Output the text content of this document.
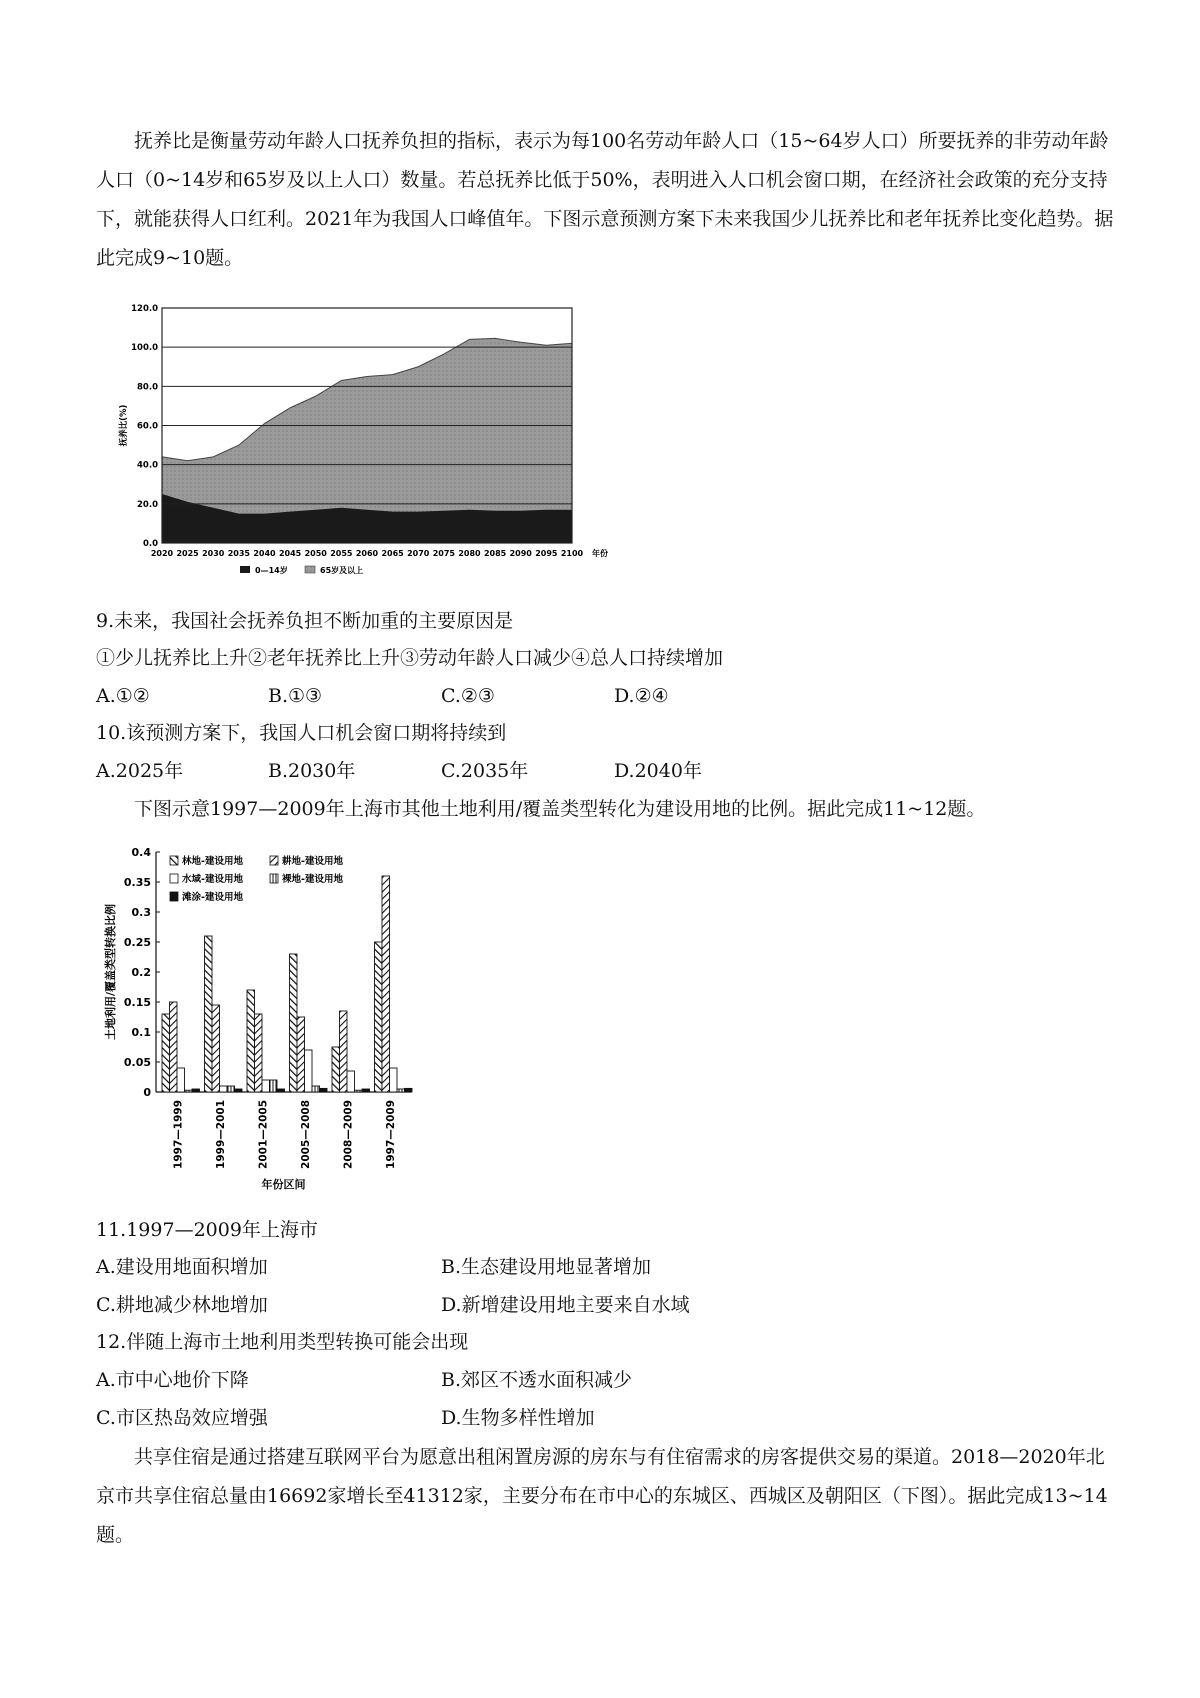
抚养比是衡量劳动年龄人口抚养负担的指标，表示为每100名劳动年龄人口（15~64岁人口）所要抚养的非劳动年龄人口（0~14岁和65岁及以上人口）数量。若总抚养比低于50%，表明进入人口机会窗口期，在经济社会政策的充分支持下，就能获得人口红利。2021年为我国人口峰值年。下图示意预测方案下未来我国少儿抚养比和老年抚养比变化趋势。据此完成9~10题。

0.0
20.0
40.0
60.0
80.0
100.0
120.0
2020 2025 2030 2035 2040 2045 2050 2055 2060 2065 2070 2075 2080 2085 2090 2095 2100 年份
抚养比(%)
0—14岁	65岁及以上
9.未来，我国社会抚养负担不断加重的主要原因是
①少儿抚养比上升②老年抚养比上升③劳动年龄人口减少④总人口持续增加
A.①②	B.①③	C.②③	D.②④
10.该预测方案下，我国人口机会窗口期将持续到
A.2025年	B.2030年	C.2035年	D.2040年
下图示意1997—2009年上海市其他土地利用/覆盖类型转化为建设用地的比例。据此完成11~12题。
0
0.05
0.1
0.15
0.2
0.25
0.3
0.35
0.4
土地利用/覆盖类型转换比例
1997—1999	1999—2001	2001—2005	2005—2008	2008—2009	1997—2009
年份区间
林地-建设用地	耕地-建设用地
水域-建设用地	裸地-建设用地
滩涂-建设用地
11.1997—2009年上海市
A.建设用地面积增加	B.生态建设用地显著增加
C.耕地减少林地增加	D.新增建设用地主要来自水域
12.伴随上海市土地利用类型转换可能会出现
A.市中心地价下降	B.郊区不透水面积减少
C.市区热岛效应增强	D.生物多样性增加

共享住宿是通过搭建互联网平台为愿意出租闲置房源的房东与有住宿需求的房客提供交易的渠道。2018—2020年北京市共享住宿总量由16692家增长至41312家，主要分布在市中心的东城区、西城区及朝阳区（下图）。据此完成13~14题。
